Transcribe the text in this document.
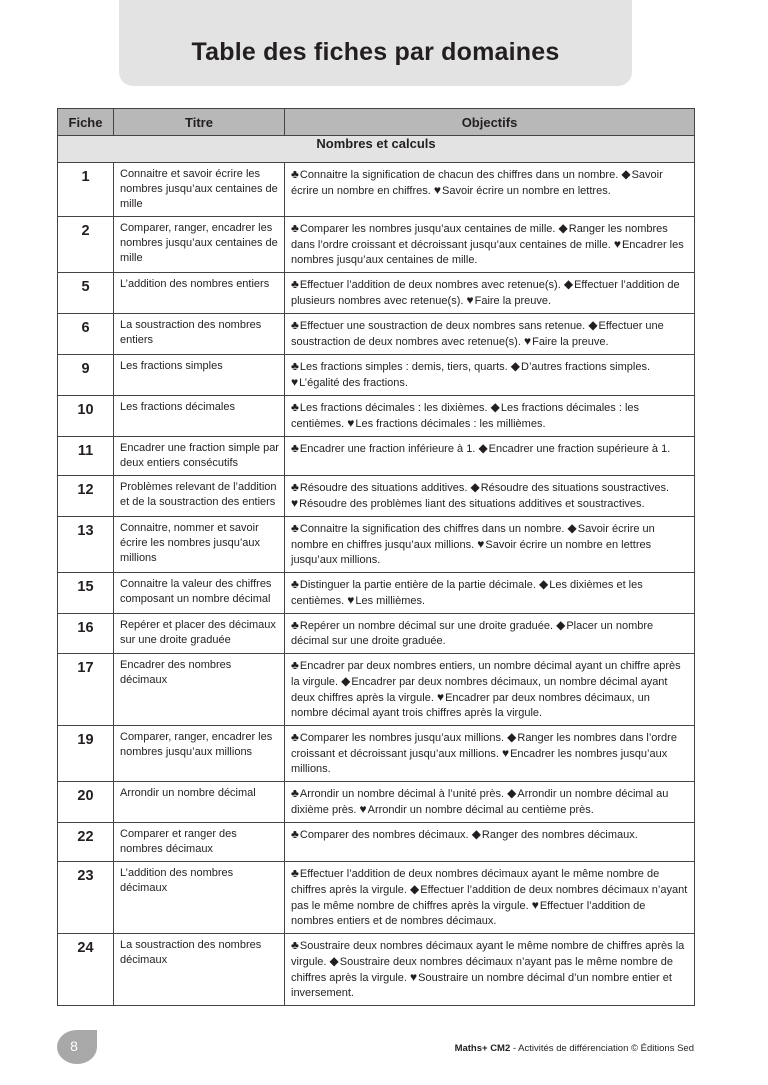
Table des fiches par domaines
Fiche	Titre	Objectifs
Nombres et calculs		
1	Connaitre et savoir écrire les nombres jusqu’aux centaines de mille	♣Connaitre la signification de chacun des chiffres dans un nombre. ◆Savoir écrire un nombre en chiffres. ♥Savoir écrire un nombre en lettres.
2	Comparer, ranger, encadrer les nombres jusqu’aux centaines de mille	♣Comparer les nombres jusqu’aux centaines de mille. ◆Ranger les nombres dans l’ordre croissant et décroissant jusqu’aux centaines de mille. ♥Encadrer les nombres jusqu’aux centaines de mille.
5	L’addition des nombres entiers	♣Effectuer l’addition de deux nombres avec retenue(s). ◆Effectuer l’addition de plusieurs nombres avec retenue(s). ♥Faire la preuve.
6	La soustraction des nombres entiers	♣Effectuer une soustraction de deux nombres sans retenue. ◆Effectuer une soustraction de deux nombres avec retenue(s). ♥Faire la preuve.
9	Les fractions simples	♣Les fractions simples : demis, tiers, quarts. ◆D’autres fractions simples. ♥L’égalité des fractions.
10	Les fractions décimales	♣Les fractions décimales : les dixièmes. ◆Les fractions décimales : les centièmes. ♥Les fractions décimales : les millièmes.
11	Encadrer une fraction simple par deux entiers consécutifs	♣Encadrer une fraction inférieure à 1. ◆Encadrer une fraction supérieure à 1.
12	Problèmes relevant de l’addition et de la soustraction des entiers	♣Résoudre des situations additives. ◆Résoudre des situations soustractives. ♥Résoudre des problèmes liant des situations additives et soustractives.
13	Connaitre, nommer et savoir écrire les nombres jusqu’aux millions	♣Connaitre la signification des chiffres dans un nombre. ◆Savoir écrire un nombre en chiffres jusqu’aux millions. ♥Savoir écrire un nombre en lettres jusqu’aux millions.
15	Connaitre la valeur des chiffres composant un nombre décimal	♣Distinguer la partie entière de la partie décimale. ◆Les dixièmes et les centièmes. ♥Les millièmes.
16	Repérer et placer des décimaux sur une droite graduée	♣Repérer un nombre décimal sur une droite graduée. ◆Placer un nombre décimal sur une droite graduée.
17	Encadrer des nombres décimaux	♣Encadrer par deux nombres entiers, un nombre décimal ayant un chiffre après la virgule. ◆Encadrer par deux nombres décimaux, un nombre décimal ayant deux chiffres après la virgule. ♥Encadrer par deux nombres décimaux, un nombre décimal ayant trois chiffres après la virgule.
19	Comparer, ranger, encadrer les nombres jusqu’aux millions	♣Comparer les nombres jusqu’aux millions. ◆Ranger les nombres dans l’ordre croissant et décroissant jusqu’aux millions. ♥Encadrer les nombres jusqu’aux millions.
20	Arrondir un nombre décimal	♣Arrondir un nombre décimal à l’unité près. ◆Arrondir un nombre décimal au dixième près. ♥Arrondir un nombre décimal au centième près.
22	Comparer et ranger des nombres décimaux	♣Comparer des nombres décimaux. ◆Ranger des nombres décimaux.
23	L’addition des nombres décimaux	♣Effectuer l’addition de deux nombres décimaux ayant le même nombre de chiffres après la virgule. ◆Effectuer l’addition de deux nombres décimaux n’ayant pas le même nombre de chiffres après la virgule. ♥Effectuer l’addition de nombres entiers et de nombres décimaux.
24	La soustraction des nombres décimaux	♣Soustraire deux nombres décimaux ayant le même nombre de chiffres après la virgule. ◆Soustraire deux nombres décimaux n’ayant pas le même nombre de chiffres après la virgule. ♥Soustraire un nombre décimal d’un nombre entier et inversement.
8	Maths+ CM2 - Activités de différenciation © Éditions Sed
